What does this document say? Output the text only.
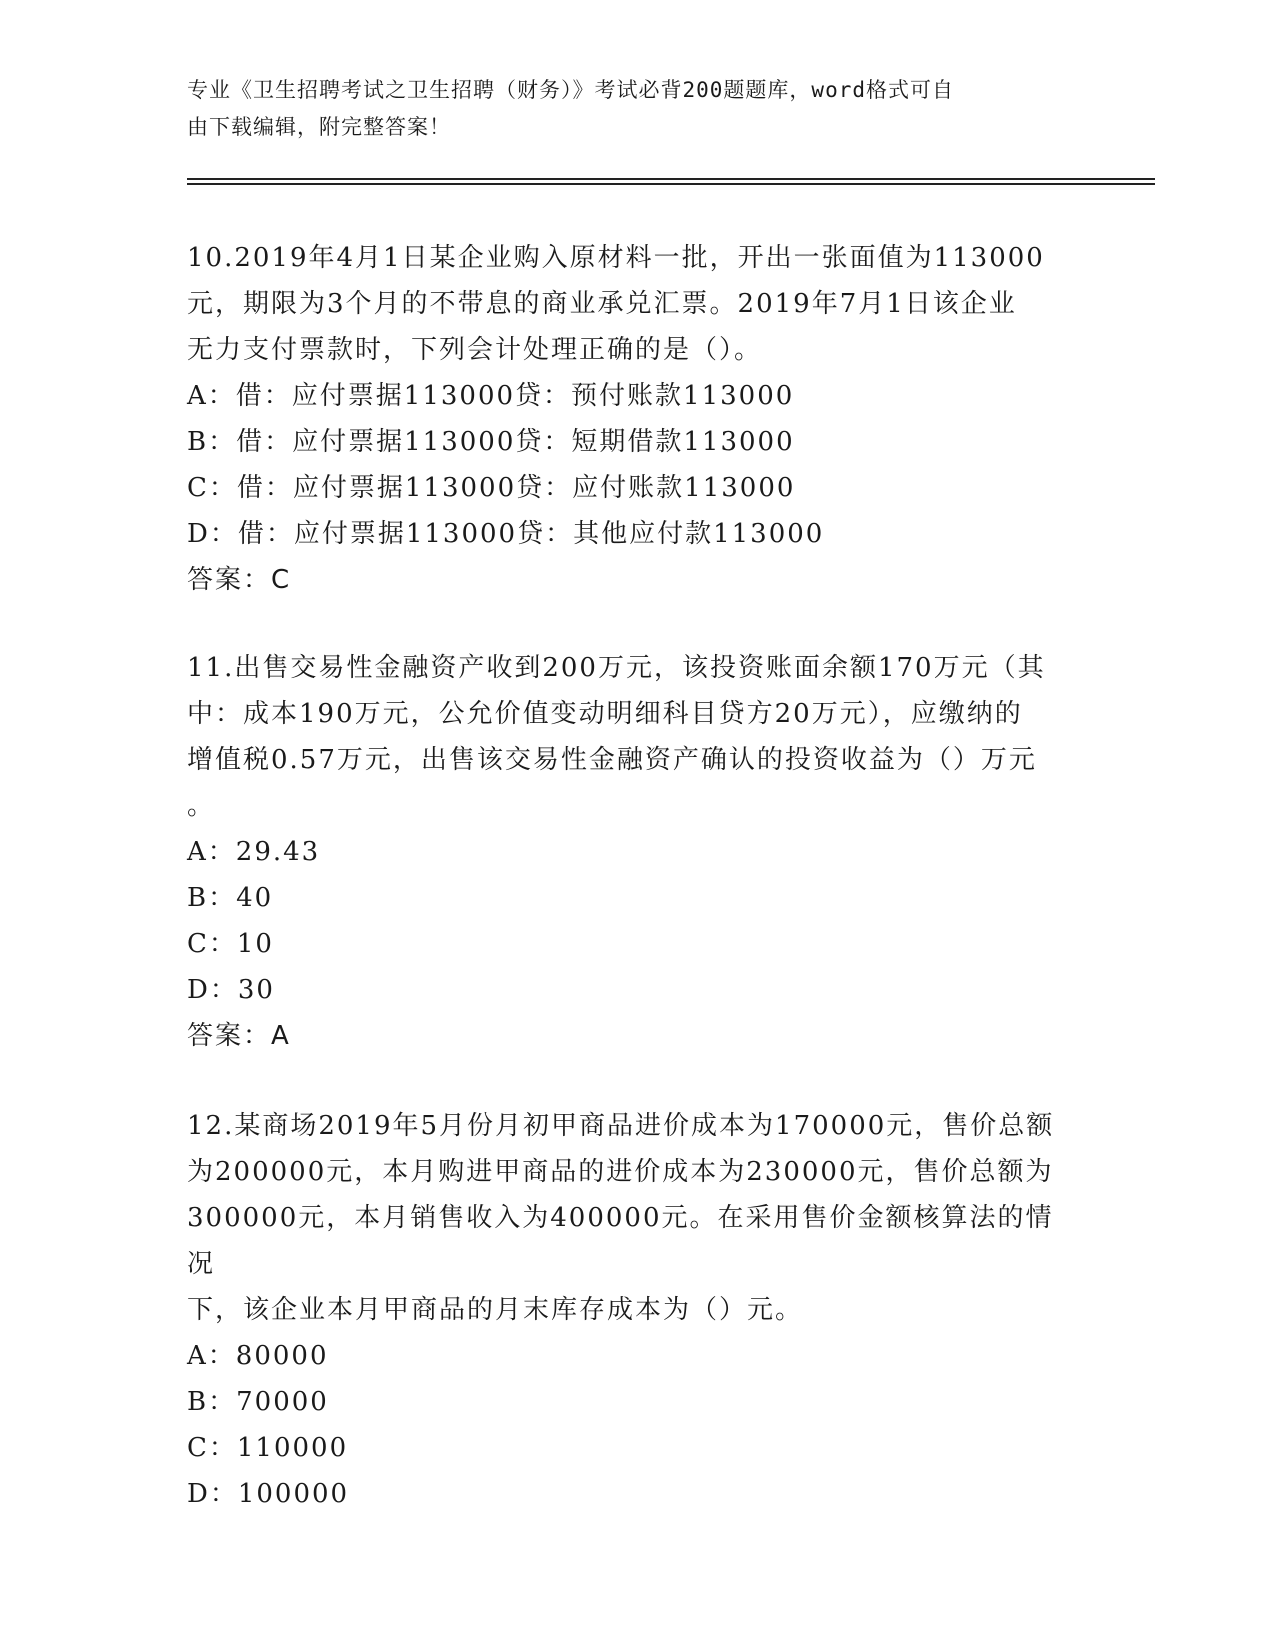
专业《卫生招聘考试之卫生招聘（财务）》考试必背200题题库，word格式可自
由下载编辑，附完整答案！
10.2019年4月1日某企业购入原材料一批，开出一张面值为113000
元，期限为3个月的不带息的商业承兑汇票。2019年7月1日该企业
无力支付票款时，下列会计处理正确的是（）。
A：借：应付票据113000贷：预付账款113000
B：借：应付票据113000贷：短期借款113000
C：借：应付票据113000贷：应付账款113000
D：借：应付票据113000贷：其他应付款113000
答案：C
11.出售交易性金融资产收到200万元，该投资账面余额170万元（其
中：成本190万元，公允价值变动明细科目贷方20万元），应缴纳的
增值税0.57万元，出售该交易性金融资产确认的投资收益为（）万元
。
A：29.43
B：40
C：10
D：30
答案：A
12.某商场2019年5月份月初甲商品进价成本为170000元，售价总额
为200000元，本月购进甲商品的进价成本为230000元，售价总额为
300000元，本月销售收入为400000元。在采用售价金额核算法的情况
下，该企业本月甲商品的月末库存成本为（）元。
A：80000
B：70000
C：110000
D：100000
